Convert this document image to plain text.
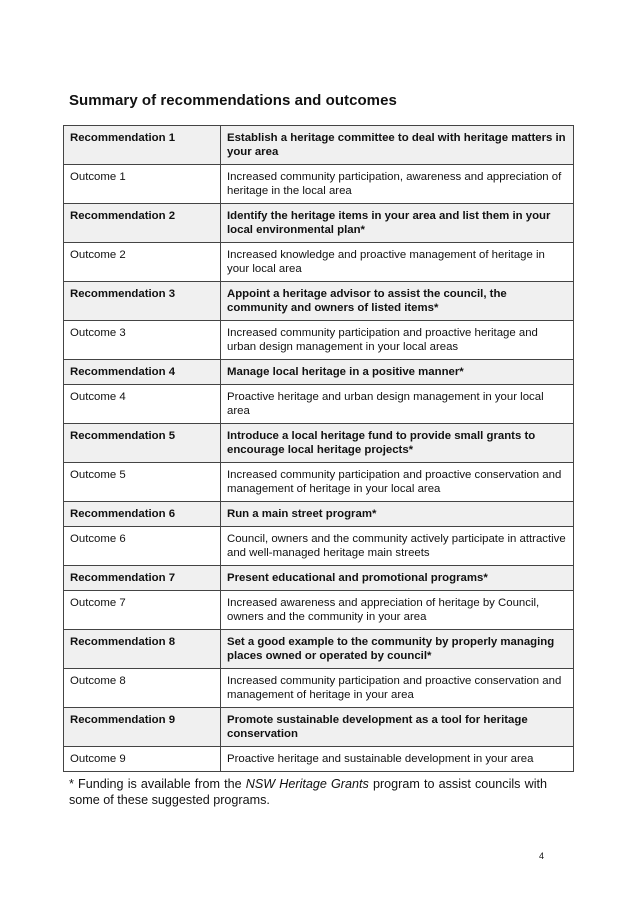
Summary of recommendations and outcomes
Recommendation 1	Establish a heritage committee to deal with heritage matters in your area
Outcome 1	Increased community participation, awareness and appreciation of heritage in the local area
Recommendation 2	Identify the heritage items in your area and list them in your local environmental plan*
Outcome 2	Increased knowledge and proactive management of heritage in your local area
Recommendation 3	Appoint a heritage advisor to assist the council, the community and owners of listed items*
Outcome 3	Increased community participation and proactive heritage and urban design management in your local areas
Recommendation 4	Manage local heritage in a positive manner*
Outcome 4	Proactive heritage and urban design management in your local area
Recommendation 5	Introduce a local heritage fund to provide small grants to encourage local heritage projects*
Outcome 5	Increased community participation and proactive conservation and management of heritage in your local area
Recommendation 6	Run a main street program*
Outcome 6	Council, owners and the community actively participate in attractive and well-managed heritage main streets
Recommendation 7	Present educational and promotional programs*
Outcome 7	Increased awareness and appreciation of heritage by Council, owners and the community in your area
Recommendation 8	Set a good example to the community by properly managing places owned or operated by council*
Outcome 8	Increased community participation and proactive conservation and management of heritage in your area
Recommendation 9	Promote sustainable development as a tool for heritage conservation
Outcome 9	Proactive heritage and sustainable development in your area

* Funding is available from the NSW Heritage Grants program to assist councils with some of these suggested programs.

4
